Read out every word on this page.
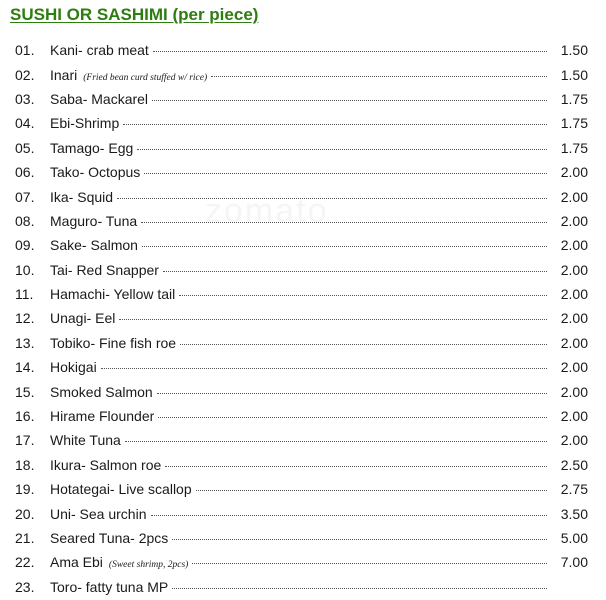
SUSHI OR SASHIMI (per piece)
zomato
01.	Kani- crab meat	1.50
02.	Inari (Fried bean curd stuffed w/ rice)	1.50
03.	Saba- Mackarel	1.75
04.	Ebi-Shrimp	1.75
05.	Tamago- Egg	1.75
06.	Tako- Octopus	2.00
07.	Ika- Squid	2.00
08.	Maguro- Tuna	2.00
09.	Sake- Salmon	2.00
10.	Tai- Red Snapper	2.00
11.	Hamachi- Yellow tail	2.00
12.	Unagi- Eel	2.00
13.	Tobiko- Fine fish roe	2.00
14.	Hokigai	2.00
15.	Smoked Salmon	2.00
16.	Hirame Flounder	2.00
17.	White Tuna	2.00
18.	Ikura- Salmon roe	2.50
19.	Hotategai- Live scallop	2.75
20.	Uni- Sea urchin	3.50
21.	Seared Tuna- 2pcs	5.00
22.	Ama Ebi (Sweet shrimp, 2pcs)	7.00
23.	Toro- fatty tuna MP
